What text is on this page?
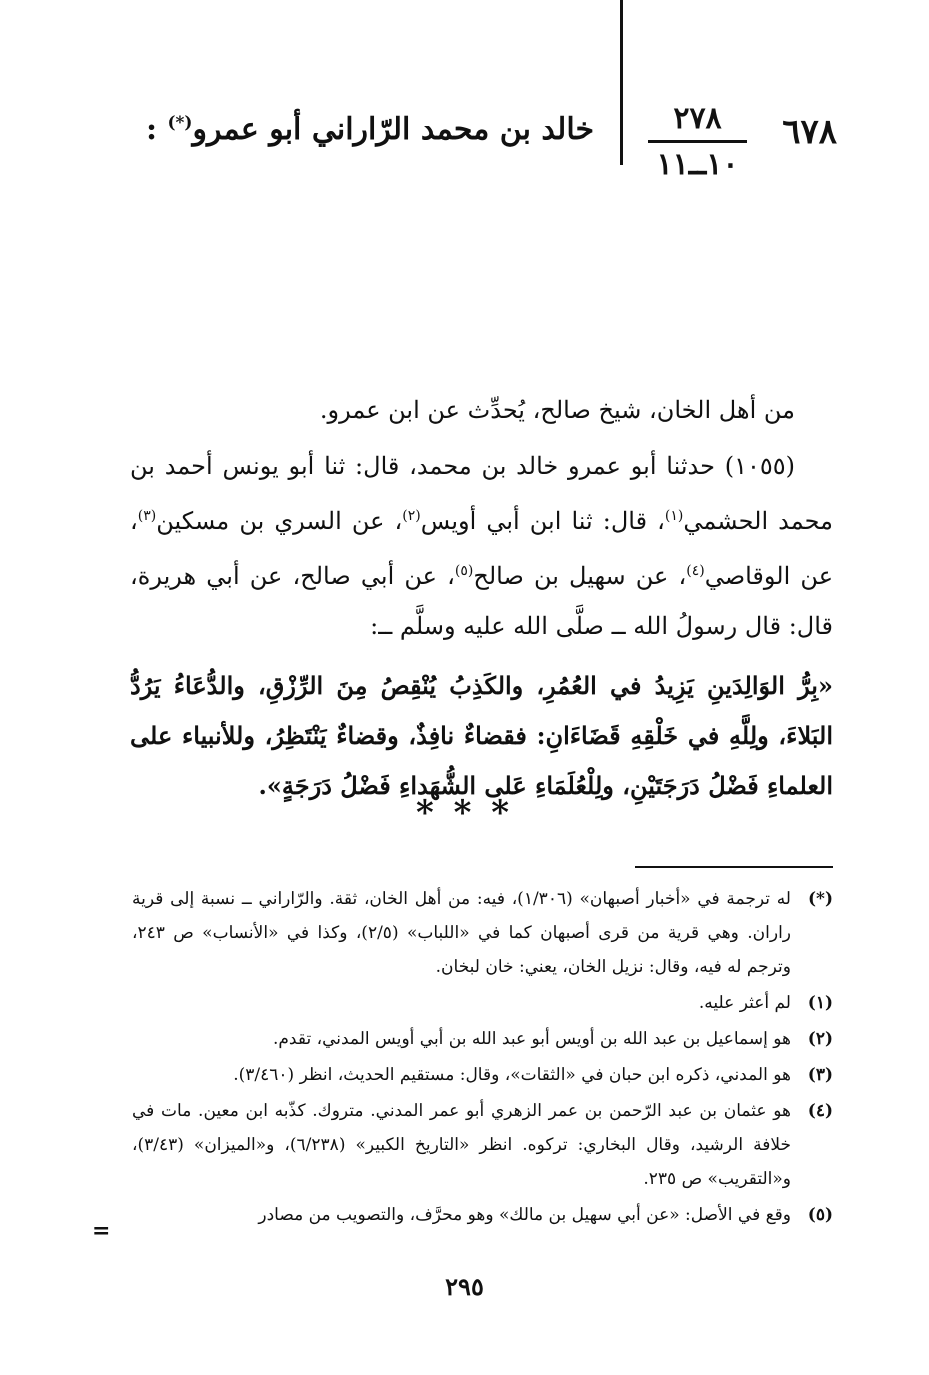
٦٧٨
٢٧٨
١٠ــ١١
خالد بن محمد الرّاراني أبو عمرو(*) :

من أهل الخان، شيخ صالح، يُحدِّث عن ابن عمرو.

(١٠٥٥) حدثنا أبو عمرو خالد بن محمد، قال: ثنا أبو يونس أحمد بن محمد الحشمي$^{(١)}$، قال: ثنا ابن أبي أويس$^{(٢)}$، عن السري بن مسكين$^{(٣)}$، عن الوقاصي$^{(٤)}$، عن سهيل بن صالح$^{(٥)}$، عن أبي صالح، عن أبي هريرة، قال: قال رسولُ الله ــ صلَّى الله عليه وسلَّم ــ:

«بِرُّ الوَالِدَينِ يَزِيدُ في العُمُرِ، والكَذِبُ يُنْقِصُ مِنَ الرِّزْقِ، والدُّعَاءُ يَرُدُّ البَلاءَ، ولِلَّهِ في خَلْقِهِ قَضَاءَانِ: فقضاءٌ نافِذٌ، وقضاءٌ يَنْتَظِرُ، وللأنبياء على العلماءِ فَضْلُ دَرَجَتَيْنِ، ولِلْعُلَمَاءِ عَلى الشُّهَداءِ فَضْلُ دَرَجَةٍ».

* * *
(*)
له ترجمة في «أخبار أصبهان» (١/٣٠٦)، فيه: من أهل الخان، ثقة. والرّاراني ــ نسبة إلى قرية راران. وهي قرية من قرى أصبهان كما في «اللباب» (٢/٥)، وكذا في «الأنساب» ص ٢٤٣، وترجم له فيه، وقال: نزيل الخان، يعني: خان لبخان.
(١)
لم أعثر عليه.
(٢)
هو إسماعيل بن عبد الله بن أويس أبو عبد الله بن أبي أويس المدني، تقدم.
(٣)
هو المدني، ذكره ابن حبان في «الثقات»، وقال: مستقيم الحديث، انظر (٣/٤٦٠).
(٤)
هو عثمان بن عبد الرّحمن بن عمر الزهري أبو عمر المدني. متروك. كذّبه ابن معين. مات في خلافة الرشيد، وقال البخاري: تركوه. انظر «التاريخ الكبير» (٦/٢٣٨)، و«الميزان» (٣/٤٣)، و«التقريب» ص ٢٣٥.
(٥)
وقع في الأصل: «عن أبي سهيل بن مالك» وهو محرَّف، والتصويب من مصادر
=
٢٩٥
